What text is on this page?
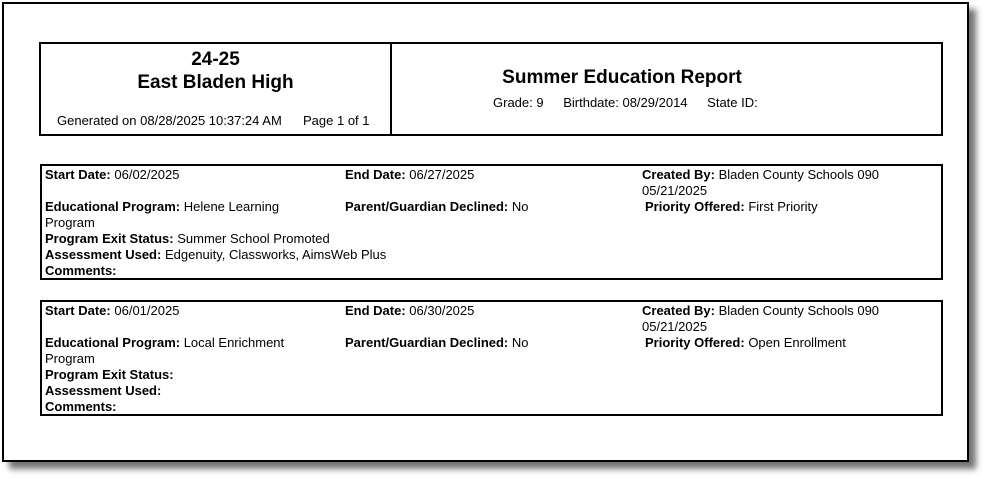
24-25
East Bladen High
Generated on 08/28/2025 10:37:24 AM Page 1 of 1
Summer Education Report
Grade: 9 Birthdate: 08/29/2014 State ID:
Start Date: 06/02/2025	End Date: 06/27/2025	Created By: Bladen County Schools 090
05/21/2025
Educational Program: Helene Learning
Program
Parent/Guardian Declined: No	Priority Offered: First Priority
Program Exit Status: Summer School Promoted
Assessment Used: Edgenuity, Classworks, AimsWeb Plus
Comments:
Start Date: 06/01/2025	End Date: 06/30/2025	Created By: Bladen County Schools 090
05/21/2025
Educational Program: Local Enrichment
Program
Parent/Guardian Declined: No	Priority Offered: Open Enrollment
Program Exit Status:
Assessment Used:
Comments:
